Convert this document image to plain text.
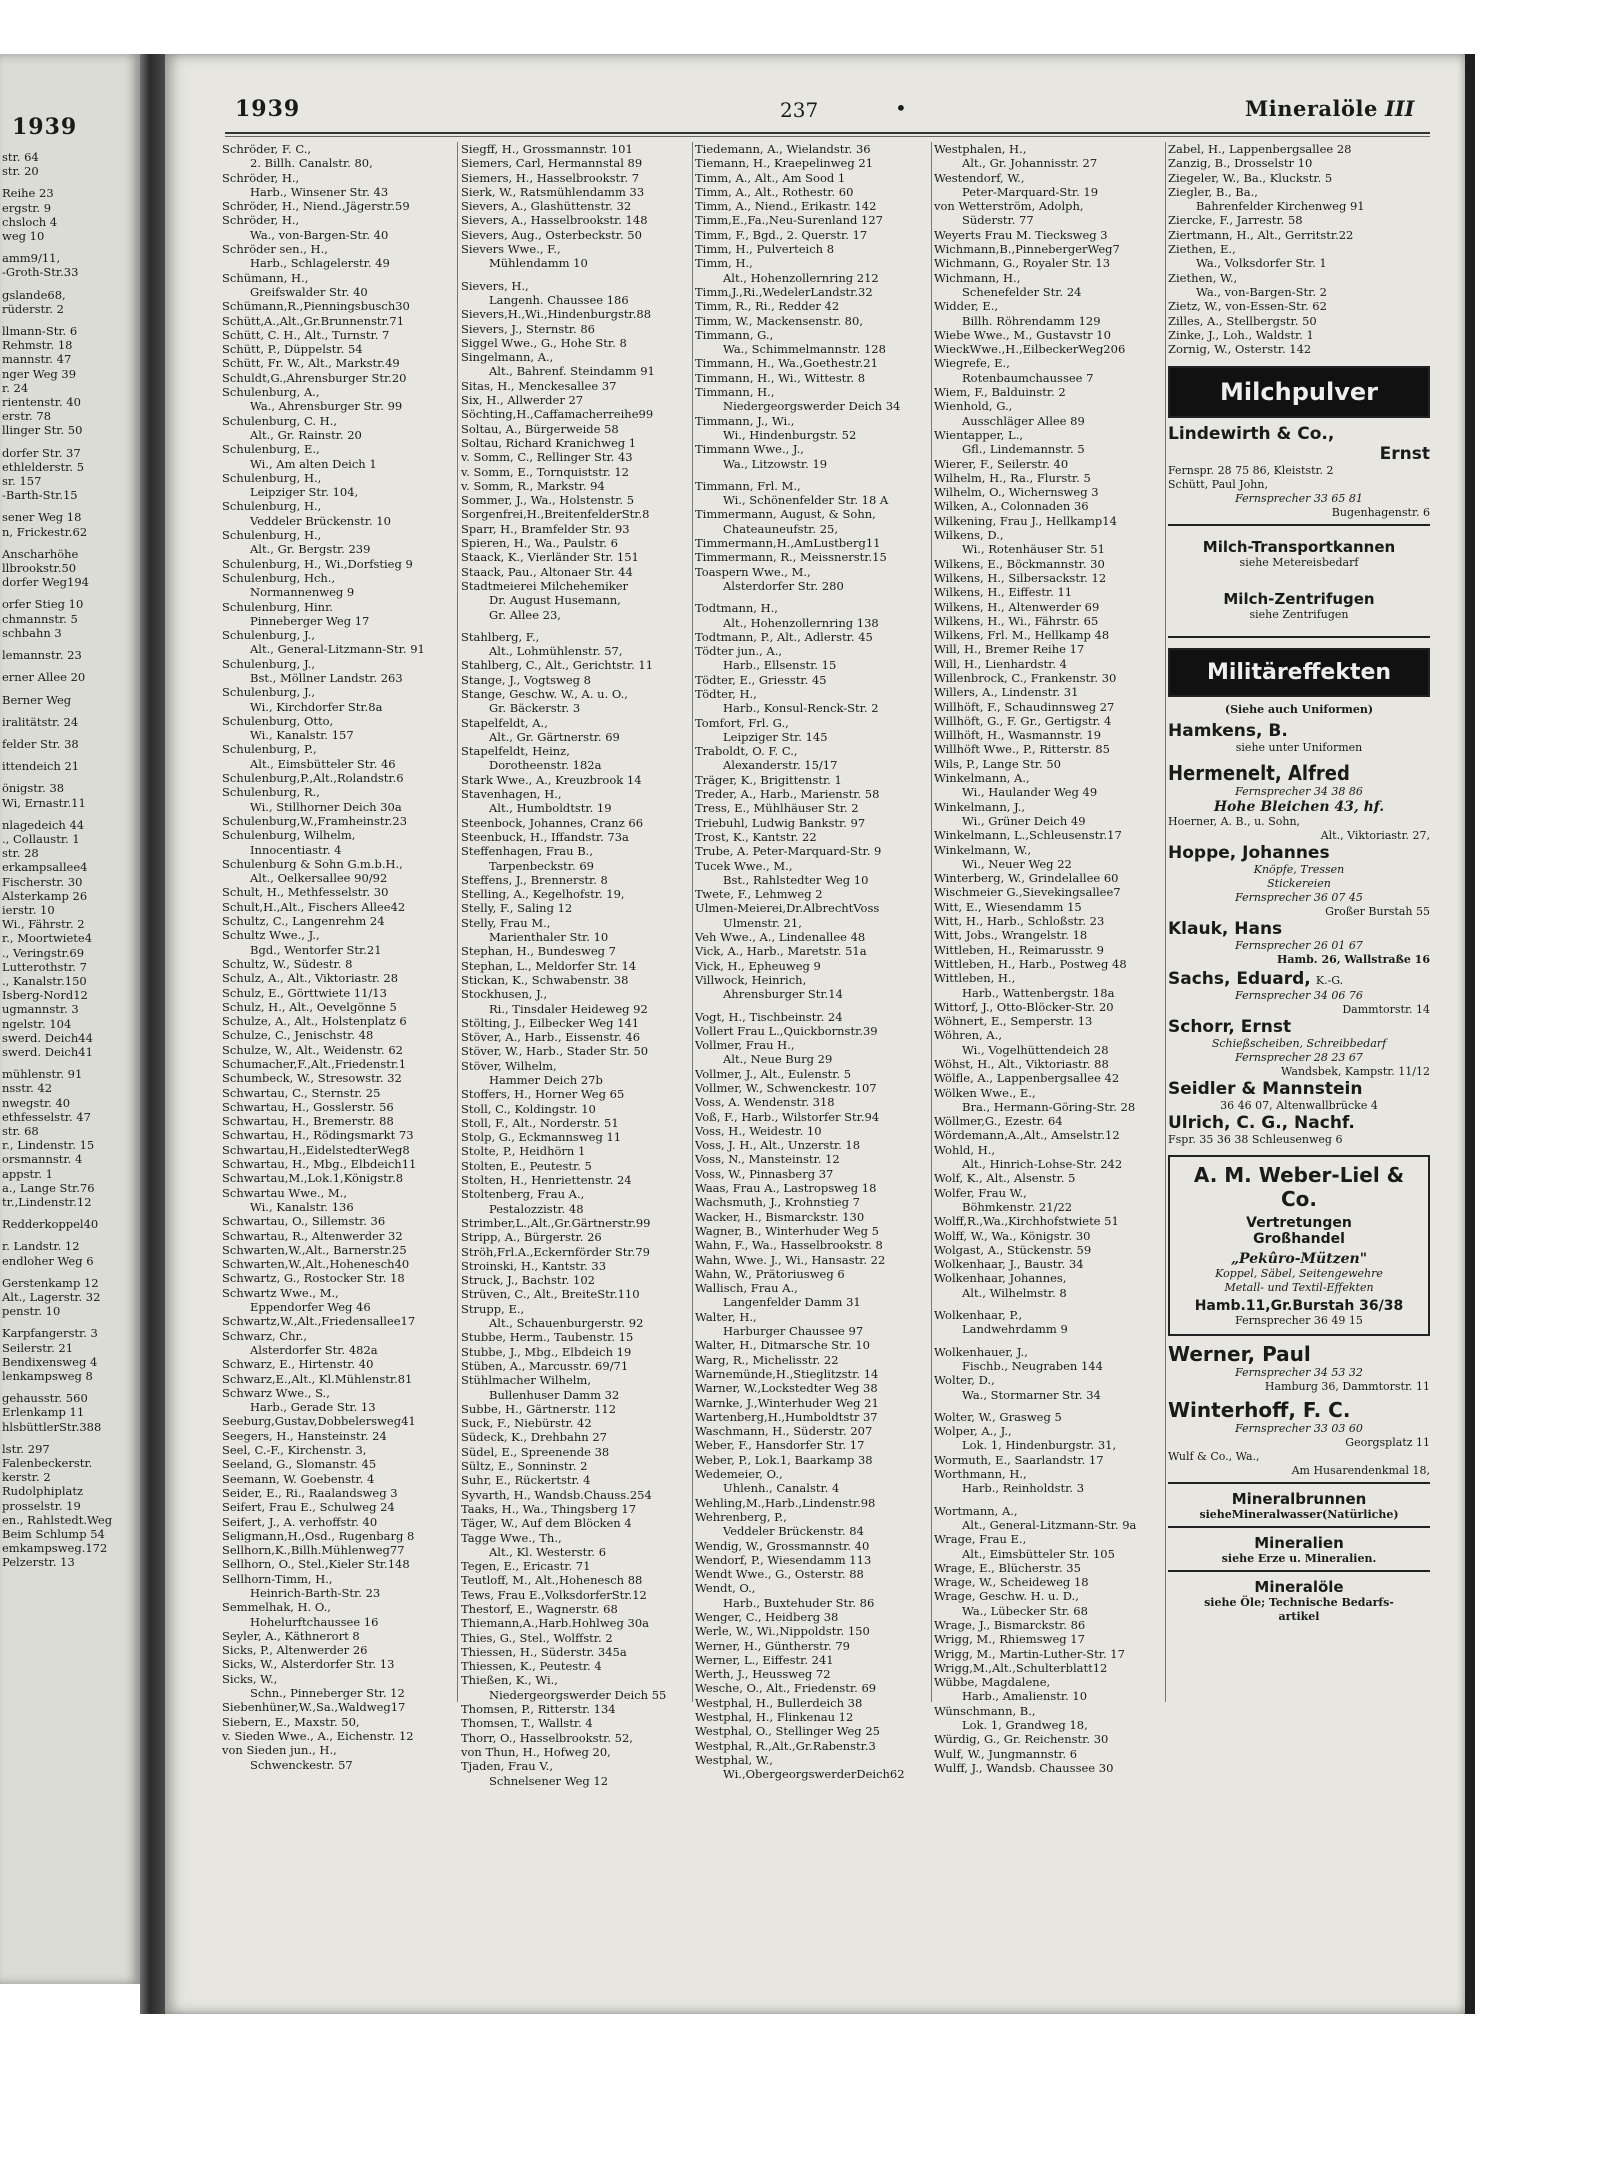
1939
str. 64
str. 20
Reihe 23
ergstr. 9
chsloch 4
weg 10
amm9/11,
-Groth-Str.33
gslande68,
rüderstr. 2
llmann-Str. 6
Rehmstr. 18
mannstr. 47
nger Weg 39
r. 24
rientenstr. 40
erstr. 78
llinger Str. 50
dorfer Str. 37
ethlelderstr. 5
sr. 157
-Barth-Str.15
sener Weg 18
n, Frickestr.62
Anscharhöhe
llbrookstr.50
dorfer Weg194
orfer Stieg 10
chmannstr. 5
schbahn 3
lemannstr. 23
erner Allee 20
Berner Weg
iralitätstr. 24
felder Str. 38
ittendeich 21
önigstr. 38
Wi, Ernastr.11
nlagedeich 44
., Collaustr. 1
str. 28
erkampsallee4
Fischerstr. 30
Alsterkamp 26
ierstr. 10
Wi., Fährstr. 2
r., Moortwiete4
., Veringstr.69
Lutterothstr. 7
., Kanalstr.150
Isberg-Nord12
ugmannstr. 3
ngelstr. 104
swerd. Deich44
swerd. Deich41
mühlenstr. 91
nsstr. 42
nwegstr. 40
ethfesselstr. 47
str. 68
r., Lindenstr. 15
orsmannstr. 4
appstr. 1
a., Lange Str.76
tr.,Lindenstr.12
Redderkoppel40
r. Landstr. 12
endloher Weg 6
Gerstenkamp 12
Alt., Lagerstr. 32
penstr. 10
Karpfangerstr. 3
Seilerstr. 21
Bendixensweg 4
lenkampsweg 8
gehausstr. 560
Erlenkamp 11
hlsbüttlerStr.388
lstr. 297
Falenbeckerstr.
kerstr. 2
Rudolphiplatz
prosselstr. 19
en., Rahlstedt.Weg
Beim Schlump 54
emkampsweg.172
Pelzerstr. 13
1939	237	•	Mineralöle III
Schröder, F. C.,
2. Billh. Canalstr. 80,
Schröder, H.,
Harb., Winsener Str. 43
Schröder, H., Niend.,Jägerstr.59
Schröder, H.,
Wa., von-Bargen-Str. 40
Schröder sen., H.,
Harb., Schlagelerstr. 49
Schümann, H.,
Greifswalder Str. 40
Schümann,R.,Pienningsbusch30
Schütt,A.,Alt.,Gr.Brunnenstr.71
Schütt, C. H., Alt., Turnstr. 7
Schütt, P., Düppelstr. 54
Schütt, Fr. W., Alt., Markstr.49
Schuldt,G.,Ahrensburger Str.20
Schulenburg, A.,
Wa., Ahrensburger Str. 99
Schulenburg, C. H.,
Alt., Gr. Rainstr. 20
Schulenburg, E.,
Wi., Am alten Deich 1
Schulenburg, H.,
Leipziger Str. 104,
Schulenburg, H.,
Veddeler Brückenstr. 10
Schulenburg, H.,
Alt., Gr. Bergstr. 239
Schulenburg, H., Wi.,Dorfstieg 9
Schulenburg, Hch.,
Normannenweg 9
Schulenburg, Hinr.
Pinneberger Weg 17
Schulenburg, J.,
Alt., General-Litzmann-Str. 91
Schulenburg, J.,
Bst., Möllner Landstr. 263
Schulenburg, J.,
Wi., Kirchdorfer Str.8a
Schulenburg, Otto,
Wi., Kanalstr. 157
Schulenburg, P.,
Alt., Eimsbütteler Str. 46
Schulenburg,P.,Alt.,Rolandstr.6
Schulenburg, R.,
Wi., Stillhorner Deich 30a
Schulenburg,W.,Framheinstr.23
Schulenburg, Wilhelm,
Innocentiastr. 4
Schulenburg & Sohn G.m.b.H.,
Alt., Oelkersallee 90/92
Schult, H., Methfesselstr. 30
Schult,H.,Alt., Fischers Allee42
Schultz, C., Langenrehm 24
Schultz Wwe., J.,
Bgd., Wentorfer Str.21
Schultz, W., Südestr. 8
Schulz, A., Alt., Viktoriastr. 28
Schulz, E., Görttwiete 11/13
Schulz, H., Alt., Oevelgönne 5
Schulze, A., Alt., Holstenplatz 6
Schulze, C., Jenischstr. 48
Schulze, W., Alt., Weidenstr. 62
Schumacher,F.,Alt.,Friedenstr.1
Schumbeck, W., Stresowstr. 32
Schwartau, C., Sternstr. 25
Schwartau, H., Gosslerstr. 56
Schwartau, H., Bremerstr. 88
Schwartau, H., Rödingsmarkt 73
Schwartau,H.,EidelstedterWeg8
Schwartau, H., Mbg., Elbdeich11
Schwartau,M.,Lok.1,Königstr.8
Schwartau Wwe., M.,
Wi., Kanalstr. 136
Schwartau, O., Sillemstr. 36
Schwartau, R., Altenwerder 32
Schwarten,W.,Alt., Barnerstr.25
Schwarten,W.,Alt.,Hohenesch40
Schwartz, G., Rostocker Str. 18
Schwartz Wwe., M.,
Eppendorfer Weg 46
Schwartz,W.,Alt.,Friedensallee17
Schwarz, Chr.,
Alsterdorfer Str. 482a
Schwarz, E., Hirtenstr. 40
Schwarz,E.,Alt., Kl.Mühlenstr.81
Schwarz Wwe., S.,
Harb., Gerade Str. 13
Seeburg,Gustav,Dobbelersweg41
Seegers, H., Hansteinstr. 24
Seel, C.-F., Kirchenstr. 3,
Seeland, G., Slomanstr. 45
Seemann, W. Goebenstr. 4
Seider, E., Ri., Raalandsweg 3
Seifert, Frau E., Schulweg 24
Seifert, J., A. verhoffstr. 40
Seligmann,H.,Osd., Rugenbarg 8
Sellhorn,K.,Billh.Mühlenweg77
Sellhorn, O., Stel.,Kieler Str.148
Sellhorn-Timm, H.,
Heinrich-Barth-Str. 23
Semmelhak, H. O.,
Hohelurftchaussee 16
Seyler, A., Käthnerort 8
Sicks, P., Altenwerder 26
Sicks, W., Alsterdorfer Str. 13
Sicks, W.,
Schn., Pinneberger Str. 12
Siebenhüner,W.,Sa.,Waldweg17
Siebern, E., Maxstr. 50,
v. Sieden Wwe., A., Eichenstr. 12
von Sieden jun., H.,
Schwenckestr. 57
Siegff, H., Grossmannstr. 101
Siemers, Carl, Hermannstal 89
Siemers, H., Hasselbrookstr. 7
Sierk, W., Ratsmühlendamm 33
Sievers, A., Glashüttenstr. 32
Sievers, A., Hasselbrookstr. 148
Sievers, Aug., Osterbeckstr. 50
Sievers Wwe., F.,
Mühlendamm 10
Sievers, H.,
Langenh. Chaussee 186
Sievers,H.,Wi.,Hindenburgstr.88
Sievers, J., Sternstr. 86
Siggel Wwe., G., Hohe Str. 8
Singelmann, A.,
Alt., Bahrenf. Steindamm 91
Sitas, H., Menckesallee 37
Six, H., Allwerder 27
Söchting,H.,Caffamacherreihe99
Soltau, A., Bürgerweide 58
Soltau, Richard Kranichweg 1
v. Somm, C., Rellinger Str. 43
v. Somm, E., Tornquiststr. 12
v. Somm, R., Markstr. 94
Sommer, J., Wa., Holstenstr. 5
Sorgenfrei,H.,BreitenfelderStr.8
Sparr, H., Bramfelder Str. 93
Spieren, H., Wa., Paulstr. 6
Staack, K., Vierländer Str. 151
Staack, Pau., Altonaer Str. 44
Stadtmeierei Milchehemiker
Dr. August Husemann,
Gr. Allee 23,
Stahlberg, F.,
Alt., Lohmühlenstr. 57,
Stahlberg, C., Alt., Gerichtstr. 11
Stange, J., Vogtsweg 8
Stange, Geschw. W., A. u. O.,
Gr. Bäckerstr. 3
Stapelfeldt, A.,
Alt., Gr. Gärtnerstr. 69
Stapelfeldt, Heinz,
Dorotheenstr. 182a
Stark Wwe., A., Kreuzbrook 14
Stavenhagen, H.,
Alt., Humboldtstr. 19
Steenbock, Johannes, Cranz 66
Steenbuck, H., Iffandstr. 73a
Steffenhagen, Frau B.,
Tarpenbeckstr. 69
Steffens, J., Brennerstr. 8
Stelling, A., Kegelhofstr. 19,
Stelly, F., Saling 12
Stelly, Frau M.,
Marienthaler Str. 10
Stephan, H., Bundesweg 7
Stephan, L., Meldorfer Str. 14
Stickan, K., Schwabenstr. 38
Stockhusen, J.,
Ri., Tinsdaler Heideweg 92
Stölting, J., Eilbecker Weg 141
Stöver, A., Harb., Eissenstr. 46
Stöver, W., Harb., Stader Str. 50
Stöver, Wilhelm,
Hammer Deich 27b
Stoffers, H., Horner Weg 65
Stoll, C., Koldingstr. 10
Stoll, F., Alt., Norderstr. 51
Stolp, G., Eckmannsweg 11
Stolte, P., Heidhörn 1
Stolten, E., Peutestr. 5
Stolten, H., Henriettenstr. 24
Stoltenberg, Frau A.,
Pestalozzistr. 48
Strimber,L.,Alt.,Gr.Gärtnerstr.99
Stripp, A., Bürgerstr. 26
Ströh,Frl.A.,Eckernförder Str.79
Stroinski, H., Kantstr. 33
Struck, J., Bachstr. 102
Strüven, C., Alt., BreiteStr.110
Strupp, E.,
Alt., Schauenburgerstr. 92
Stubbe, Herm., Taubenstr. 15
Stubbe, J., Mbg., Elbdeich 19
Stüben, A., Marcusstr. 69/71
Stühlmacher Wilhelm,
Bullenhuser Damm 32
Subbe, H., Gärtnerstr. 112
Suck, F., Niebürstr. 42
Südeck, K., Drehbahn 27
Südel, E., Spreenende 38
Sültz, E., Sonninstr. 2
Suhr, E., Rückertstr. 4
Syvarth, H., Wandsb.Chauss.254
Taaks, H., Wa., Thingsberg 17
Täger, W., Auf dem Blöcken 4
Tagge Wwe., Th.,
Alt., Kl. Westerstr. 6
Tegen, E., Ericastr. 71
Teutloff, M., Alt.,Hohenesch 88
Tews, Frau E.,VolksdorferStr.12
Thestorf, E., Wagnerstr. 68
Thiemann,A.,Harb.Hohlweg 30a
Thies, G., Stel., Wolffstr. 2
Thiessen, H., Süderstr. 345a
Thiessen, K., Peutestr. 4
Thießen, K., Wi.,
Niedergeorgswerder Deich 55
Thomsen, P., Ritterstr. 134
Thomsen, T., Wallstr. 4
Thorr, O., Hasselbrookstr. 52,
von Thun, H., Hofweg 20,
Tjaden, Frau V.,
Schnelsener Weg 12
Tiedemann, A., Wielandstr. 36
Tiemann, H., Kraepelinweg 21
Timm, A., Alt., Am Sood 1
Timm, A., Alt., Rothestr. 60
Timm, A., Niend., Erikastr. 142
Timm,E.,Fa.,Neu-Surenland 127
Timm, F., Bgd., 2. Querstr. 17
Timm, H., Pulverteich 8
Timm, H.,
Alt., Hohenzollernring 212
Timm,J.,Ri.,WedelerLandstr.32
Timm, R., Ri., Redder 42
Timm, W., Mackensenstr. 80,
Timmann, G.,
Wa., Schimmelmannstr. 128
Timmann, H., Wa.,Goethestr.21
Timmann, H., Wi., Wittestr. 8
Timmann, H.,
Niedergeorgswerder Deich 34
Timmann, J., Wi.,
Wi., Hindenburgstr. 52
Timmann Wwe., J.,
Wa., Litzowstr. 19
Timmann, Frl. M.,
Wi., Schönenfelder Str. 18 A
Timmermann, August, & Sohn,
Chateauneufstr. 25,
Timmermann,H.,AmLustberg11
Timmermann, R., Meissnerstr.15
Toaspern Wwe., M.,
Alsterdorfer Str. 280
Todtmann, H.,
Alt., Hohenzollernring 138
Todtmann, P., Alt., Adlerstr. 45
Tödter jun., A.,
Harb., Ellsenstr. 15
Tödter, E., Griesstr. 45
Tödter, H.,
Harb., Konsul-Renck-Str. 2
Tomfort, Frl. G.,
Leipziger Str. 145
Traboldt, O. F. C.,
Alexanderstr. 15/17
Träger, K., Brigittenstr. 1
Treder, A., Harb., Marienstr. 58
Tress, E., Mühlhäuser Str. 2
Triebuhl, Ludwig Bankstr. 97
Trost, K., Kantstr. 22
Trube, A. Peter-Marquard-Str. 9
Tucek Wwe., M.,
Bst., Rahlstedter Weg 10
Twete, F., Lehmweg 2
Ulmen-Meierei,Dr.AlbrechtVoss
Ulmenstr. 21,
Veh Wwe., A., Lindenallee 48
Vick, A., Harb., Maretstr. 51a
Vick, H., Epheuweg 9
Villwock, Heinrich,
Ahrensburger Str.14
Vogt, H., Tischbeinstr. 24
Vollert Frau L.,Quickbornstr.39
Vollmer, Frau H.,
Alt., Neue Burg 29
Vollmer, J., Alt., Eulenstr. 5
Vollmer, W., Schwenckestr. 107
Voss, A. Wendenstr. 318
Voß, F., Harb., Wilstorfer Str.94
Voss, H., Weidestr. 10
Voss, J. H., Alt., Unzerstr. 18
Voss, N., Mansteinstr. 12
Voss, W., Pinnasberg 37
Waas, Frau A., Lastropsweg 18
Wachsmuth, J., Krohnstieg 7
Wacker, H., Bismarckstr. 130
Wagner, B., Winterhuder Weg 5
Wahn, F., Wa., Hasselbrookstr. 8
Wahn, Wwe. J., Wi., Hansastr. 22
Wahn, W., Prätoriusweg 6
Wallisch, Frau A.,
Langenfelder Damm 31
Walter, H.,
Harburger Chaussee 97
Walter, H., Ditmarsche Str. 10
Warg, R., Michelisstr. 22
Warnemünde,H.,Stieglitzstr. 14
Warner, W.,Lockstedter Weg 38
Warnke, J.,Winterhuder Weg 21
Wartenberg,H.,Humboldtstr 37
Waschmann, H., Süderstr. 207
Weber, F., Hansdorfer Str. 17
Weber, P., Lok.1, Baarkamp 38
Wedemeier, O.,
Uhlenh., Canalstr. 4
Wehling,M.,Harb.,Lindenstr.98
Wehrenberg, P.,
Veddeler Brückenstr. 84
Wendig, W., Grossmannstr. 40
Wendorf, P., Wiesendamm 113
Wendt Wwe., G., Osterstr. 88
Wendt, O.,
Harb., Buxtehuder Str. 86
Wenger, C., Heidberg 38
Werle, W., Wi.,Nippoldstr. 150
Werner, H., Güntherstr. 79
Werner, L., Eiffestr. 241
Werth, J., Heussweg 72
Wesche, O., Alt., Friedenstr. 69
Westphal, H., Bullerdeich 38
Westphal, H., Flinkenau 12
Westphal, O., Stellinger Weg 25
Westphal, R.,Alt.,Gr.Rabenstr.3
Westphal, W.,
Wi.,ObergeorgswerderDeich62
Westphalen, H.,
Alt., Gr. Johannisstr. 27
Westendorf, W.,
Peter-Marquard-Str. 19
von Wetterström, Adolph,
Süderstr. 77
Weyerts Frau M. Tiecksweg 3
Wichmann,B.,PinnebergerWeg7
Wichmann, G., Royaler Str. 13
Wichmann, H.,
Schenefelder Str. 24
Widder, E.,
Billh. Röhrendamm 129
Wiebe Wwe., M., Gustavstr 10
WieckWwe.,H.,EilbeckerWeg206
Wiegrefe, E.,
Rotenbaumchaussee 7
Wiem, F., Balduinstr. 2
Wienhold, G.,
Ausschläger Allee 89
Wientapper, L.,
Gfl., Lindemannstr. 5
Wierer, F., Seilerstr. 40
Wilhelm, H., Ra., Flurstr. 5
Wilhelm, O., Wichernsweg 3
Wilken, A., Colonnaden 36
Wilkening, Frau J., Hellkamp14
Wilkens, D.,
Wi., Rotenhäuser Str. 51
Wilkens, E., Böckmannstr. 30
Wilkens, H., Silbersackstr. 12
Wilkens, H., Eiffestr. 11
Wilkens, H., Altenwerder 69
Wilkens, H., Wi., Fährstr. 65
Wilkens, Frl. M., Hellkamp 48
Will, H., Bremer Reihe 17
Will, H., Lienhardstr. 4
Willenbrock, C., Frankenstr. 30
Willers, A., Lindenstr. 31
Willhöft, F., Schaudinnsweg 27
Willhöft, G., F. Gr., Gertigstr. 4
Willhöft, H., Wasmannstr. 19
Willhöft Wwe., P., Ritterstr. 85
Wils, P., Lange Str. 50
Winkelmann, A.,
Wi., Haulander Weg 49
Winkelmann, J.,
Wi., Grüner Deich 49
Winkelmann, L.,Schleusenstr.17
Winkelmann, W.,
Wi., Neuer Weg 22
Winterberg, W., Grindelallee 60
Wischmeier G.,Sievekingsallee7
Witt, E., Wiesendamm 15
Witt, H., Harb., Schloßstr. 23
Witt, Jobs., Wrangelstr. 18
Wittleben, H., Reimarusstr. 9
Wittleben, H., Harb., Postweg 48
Wittleben, H.,
Harb., Wattenbergstr. 18a
Wittorf, J., Otto-Blöcker-Str. 20
Wöhnert, E., Semperstr. 13
Wöhren, A.,
Wi., Vogelhüttendeich 28
Wöhst, H., Alt., Viktoriastr. 88
Wölfle, A., Lappenbergsallee 42
Wölken Wwe., E.,
Bra., Hermann-Göring-Str. 28
Wöllmer,G., Ezestr. 64
Wördemann,A.,Alt., Amselstr.12
Wohld, H.,
Alt., Hinrich-Lohse-Str. 242
Wolf, K., Alt., Alsenstr. 5
Wolfer, Frau W.,
Böhmkenstr. 21/22
Wolff,R.,Wa.,Kirchhofstwiete 51
Wolff, W., Wa., Königstr. 30
Wolgast, A., Stückenstr. 59
Wolkenhaar, J., Baustr. 34
Wolkenhaar, Johannes,
Alt., Wilhelmstr. 8
Wolkenhaar, P.,
Landwehrdamm 9
Wolkenhauer, J.,
Fischb., Neugraben 144
Wolter, D.,
Wa., Stormarner Str. 34
Wolter, W., Grasweg 5
Wolper, A., J.,
Lok. 1, Hindenburgstr. 31,
Wormuth, E., Saarlandstr. 17
Worthmann, H.,
Harb., Reinholdstr. 3
Wortmann, A.,
Alt., General-Litzmann-Str. 9a
Wrage, Frau E.,
Alt., Eimsbütteler Str. 105
Wrage, E., Blücherstr. 35
Wrage, W., Scheideweg 18
Wrage, Geschw. H. u. D.,
Wa., Lübecker Str. 68
Wrage, J., Bismarckstr. 86
Wrigg, M., Rhiemsweg 17
Wrigg, M., Martin-Luther-Str. 17
Wrigg,M.,Alt.,Schulterblatt12
Wübbe, Magdalene,
Harb., Amalienstr. 10
Wünschmann, B.,
Lok. 1, Grandweg 18,
Würdig, G., Gr. Reichenstr. 30
Wulf, W., Jungmannstr. 6
Wulff, J., Wandsb. Chaussee 30
Zabel, H., Lappenbergsallee 28
Zanzig, B., Drosselstr 10
Ziegeler, W., Ba., Kluckstr. 5
Ziegler, B., Ba.,
Bahrenfelder Kirchenweg 91
Ziercke, F., Jarrestr. 58
Ziertmann, H., Alt., Gerritstr.22
Ziethen, E.,
Wa., Volksdorfer Str. 1
Ziethen, W.,
Wa., von-Bargen-Str. 2
Zietz, W., von-Essen-Str. 62
Zilles, A., Stellbergstr. 50
Zinke, J., Loh., Waldstr. 1
Zornig, W., Osterstr. 142
Milchpulver
Lindewirth & Co.,
Ernst
Fernspr. 28 75 86, Kleiststr. 2
Schütt, Paul John,
Fernsprecher 33 65 81
Bugenhagenstr. 6
Milch-Transportkannen
siehe Metereisbedarf
Milch-Zentrifugen
siehe Zentrifugen
Militäreffekten
(Siehe auch Uniformen)
Hamkens, B.
siehe unter Uniformen
Hermenelt, Alfred
Fernsprecher 34 38 86
Hohe Bleichen 43, hf.
Hoerner, A. B., u. Sohn,
Alt., Viktoriastr. 27,
Hoppe, Johannes
Knöpfe, Tressen
Stickereien
Fernsprecher 36 07 45
Großer Burstah 55
Klauk, Hans
Fernsprecher 26 01 67
Hamb. 26, Wallstraße 16
Sachs, Eduard, K.-G.
Fernsprecher 34 06 76
Dammtorstr. 14
Schorr, Ernst
Schießscheiben, Schreibbedarf
Fernsprecher 28 23 67
Wandsbek, Kampstr. 11/12
Seidler & Mannstein
36 46 07, Altenwallbrücke 4
Ulrich, C. G., Nachf.
Fspr. 35 36 38 Schleusenweg 6
A. M. Weber-Liel & Co.
Vertretungen
Großhandel
„Pekûro-Mützen"
Koppel, Säbel, Seitengewehre
Metall- und Textil-Effekten
Hamb.11,Gr.Burstah 36/38
Fernsprecher 36 49 15
Werner, Paul
Fernsprecher 34 53 32
Hamburg 36, Dammtorstr. 11
Winterhoff, F. C.
Fernsprecher 33 03 60
Georgsplatz 11
Wulf & Co., Wa.,
Am Husarendenkmal 18,
Mineralbrunnen
sieheMineralwasser(Natürliche)
Mineralien
siehe Erze u. Mineralien.
Mineralöle
siehe Öle; Technische Bedarfs-
artikel
